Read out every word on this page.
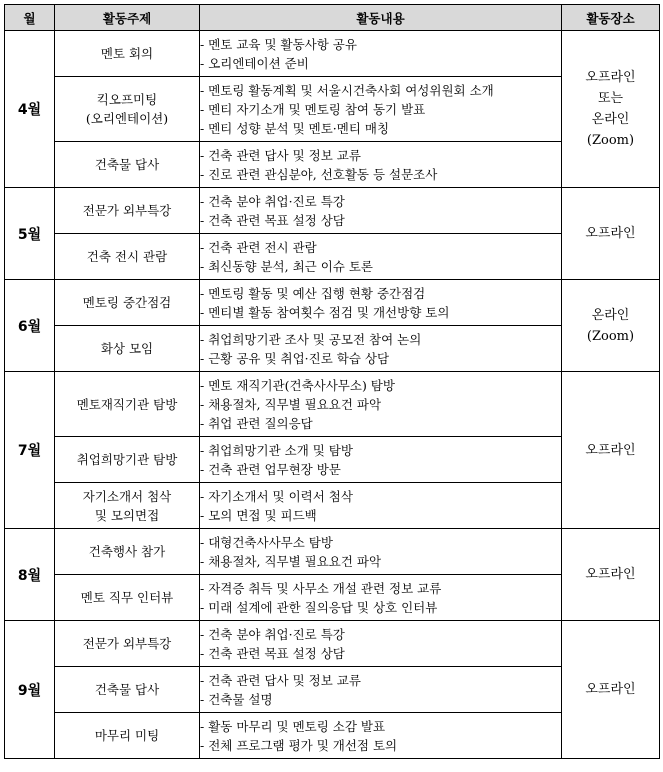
월	활동주제	활동내용	활동장소
4월	멘토 회의	- 멘토 교육 및 활동사항 공유
- 오리엔테이션 준비	오프라인
또는
온라인
(Zoom)

	킥오프미팅
(오리엔테이션)	- 멘토링 활동계획 및 서울시건축사회 여성위원회 소개
- 멘티 자기소개 및 멘토링 참여 동기 발표
- 멘티 성향 분석 및 멘토·멘티 매칭

	건축물 답사	- 건축 관련 답사 및 정보 교류
- 진로 관련 관심분야, 선호활동 등 설문조사

5월	전문가 외부특강	- 건축 분야 취업·진로 특강
- 건축 관련 목표 설정 상담	오프라인

	건축 전시 관람	- 건축 관련 전시 관람
- 최신동향 분석, 최근 이슈 토론

6월	멘토링 중간점검	- 멘토링 활동 및 예산 집행 현황 중간점검
- 멘티별 활동 참여횟수 점검 및 개선방향 토의	온라인
(Zoom)

	화상 모임	- 취업희망기관 조사 및 공모전 참여 논의
- 근황 공유 및 취업·진로 학습 상담

7월	멘토재직기관 탐방	- 멘토 재직기관(건축사사무소) 탐방
- 채용절차, 직무별 필요요건 파악
- 취업 관련 질의응답	오프라인

	취업희망기관 탐방	- 취업희망기관 소개 및 탐방
- 건축 관련 업무현장 방문

	자기소개서 첨삭
및 모의면접	- 자기소개서 및 이력서 첨삭
- 모의 면접 및 피드백

8월	건축행사 참가	- 대형건축사사무소 탐방
- 채용절차, 직무별 필요요건 파악	오프라인

	멘토 직무 인터뷰	- 자격증 취득 및 사무소 개설 관련 정보 교류
- 미래 설계에 관한 질의응답 및 상호 인터뷰

9월	전문가 외부특강	- 건축 분야 취업·진로 특강
- 건축 관련 목표 설정 상담	오프라인

	건축물 답사	- 건축 관련 답사 및 정보 교류
- 건축물 설명

	마무리 미팅	- 활동 마무리 및 멘토링 소감 발표
- 전체 프로그램 평가 및 개선점 토의
